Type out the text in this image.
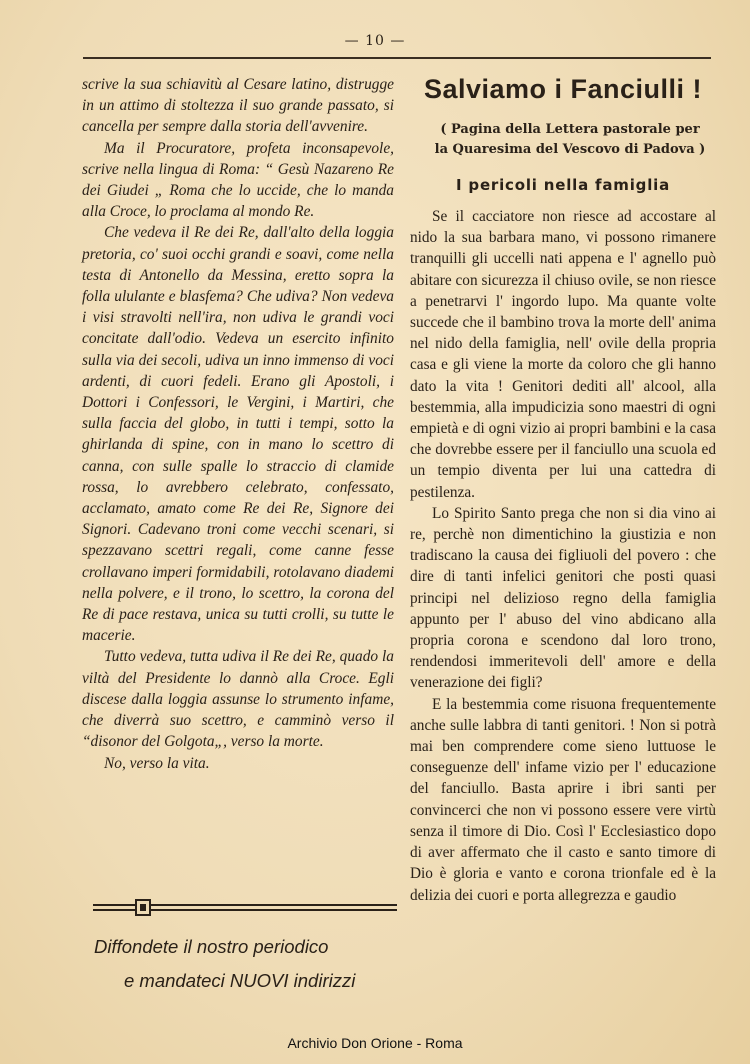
— 10 —

scrive la sua schiavitù al Cesare latino, distrugge in un attimo di stoltezza il suo grande passato, si cancella per sempre dalla storia dell'avvenire.

Ma il Procuratore, profeta inconsapevole, scrive nella lingua di Roma: “ Gesù Nazareno Re dei Giudei „ Roma che lo uccide, che lo manda alla Croce, lo proclama al mondo Re.

Che vedeva il Re dei Re, dall'alto della loggia pretoria, co' suoi occhi grandi e soavi, come nella testa di Antonello da Messina, eretto sopra la folla ululante e blasfema? Che udiva? Non vedeva i visi stravolti nell'ira, non udiva le grandi voci concitate dall'odio. Vedeva un esercito infinito sulla via dei secoli, udiva un inno immenso di voci ardenti, di cuori fedeli. Erano gli Apostoli, i Dottori i Confessori, le Vergini, i Martiri, che sulla faccia del globo, in tutti i tempi, sotto la ghirlanda di spine, con in mano lo scettro di canna, con sulle spalle lo straccio di clamide rossa, lo avrebbero celebrato, confessato, acclamato, amato come Re dei Re, Signore dei Signori. Cadevano troni come vecchi scenari, si spezzavano scettri regali, come canne fesse crollavano imperi formidabili, rotolavano diademi nella polvere, e il trono, lo scettro, la corona del Re di pace restava, unica su tutti crolli, su tutte le macerie.

Tutto vedeva, tutta udiva il Re dei Re, quado la viltà del Presidente lo dannò alla Croce. Egli discese dalla loggia assunse lo strumento infame, che diverrà suo scettro, e camminò verso il “disonor del Golgota„, verso la morte.

No, verso la vita.

Diffondete il nostro periodico
e mandateci NUOVI indirizzi
Salviamo i Fanciulli !
( Pagina della Lettera pastorale per
la Quaresima del Vescovo di Padova )
I pericoli nella famiglia

Se il cacciatore non riesce ad accostare al nido la sua barbara mano, vi possono rimanere tranquilli gli uccelli nati appena e l' agnello può abitare con sicurezza il chiuso ovile, se non riesce a penetrarvi l' ingordo lupo. Ma quante volte succede che il bambino trova la morte dell' anima nel nido della famiglia, nell' ovile della propria casa e gli viene la morte da coloro che gli hanno dato la vita ! Genitori dediti all' alcool, alla bestemmia, alla impudicizia sono maestri di ogni empietà e di ogni vizio ai propri bambini e la casa che dovrebbe essere per il fanciullo una scuola ed un tempio diventa per lui una cattedra di pestilenza.

Lo Spirito Santo prega che non si dia vino ai re, perchè non dimentichino la giustizia e non tradiscano la causa dei figliuoli del povero : che dire di tanti infelici genitori che posti quasi principi nel delizioso regno della famiglia appunto per l' abuso del vino abdicano alla propria corona e scendono dal loro trono, rendendosi immeritevoli dell' amore e della venerazione dei figli?

E la bestemmia come risuona frequentemente anche sulle labbra di tanti genitori. ! Non si potrà mai ben comprendere come sieno luttuose le conseguenze dell' infame vizio per l' educazione del fanciullo. Basta aprire i ibri santi per convincerci che non vi possono essere vere virtù senza il timore di Dio. Così l' Ecclesiastico dopo di aver affermato che il casto e santo timore di Dio è gloria e vanto e corona trionfale ed è la delizia dei cuori e porta allegrezza e gaudio

Archivio Don Orione - Roma
